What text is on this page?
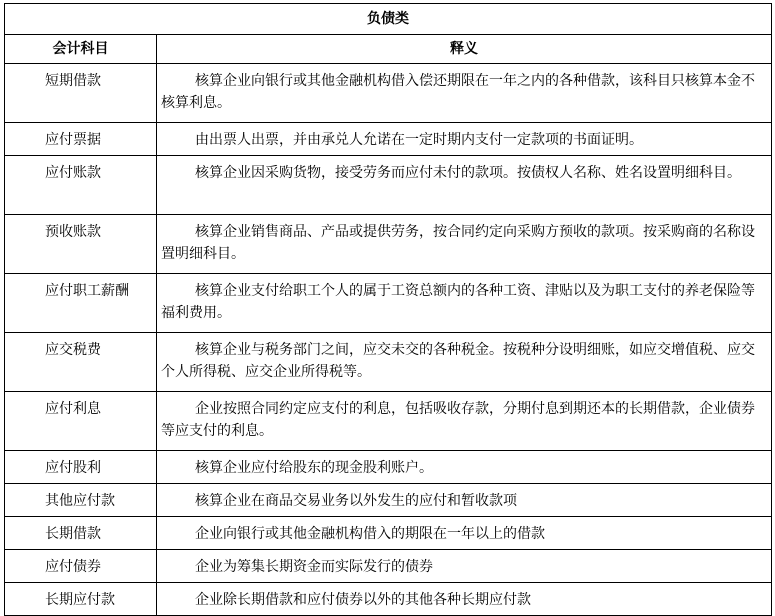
负债类	
会计科目	释义
短期借款	核算企业向银行或其他金融机构借入偿还期限在一年之内的各种借款，该科目只核算本金不核算利息。
应付票据	由出票人出票，并由承兑人允诺在一定时期内支付一定款项的书面证明。
应付账款	核算企业因采购货物，接受劳务而应付未付的款项。按债权人名称、姓名设置明细科目。
预收账款	核算企业销售商品、产品或提供劳务，按合同约定向采购方预收的款项。按采购商的名称设置明细科目。
应付职工薪酬	核算企业支付给职工个人的属于工资总额内的各种工资、津贴以及为职工支付的养老保险等福利费用。
应交税费	核算企业与税务部门之间，应交未交的各种税金。按税种分设明细账，如应交增值税、应交个人所得税、应交企业所得税等。
应付利息	企业按照合同约定应支付的利息，包括吸收存款，分期付息到期还本的长期借款，企业债券等应支付的利息。
应付股利	核算企业应付给股东的现金股利账户。
其他应付款	核算企业在商品交易业务以外发生的应付和暂收款项
长期借款	企业向银行或其他金融机构借入的期限在一年以上的借款
应付债券	企业为筹集长期资金而实际发行的债券
长期应付款	企业除长期借款和应付债券以外的其他各种长期应付款
